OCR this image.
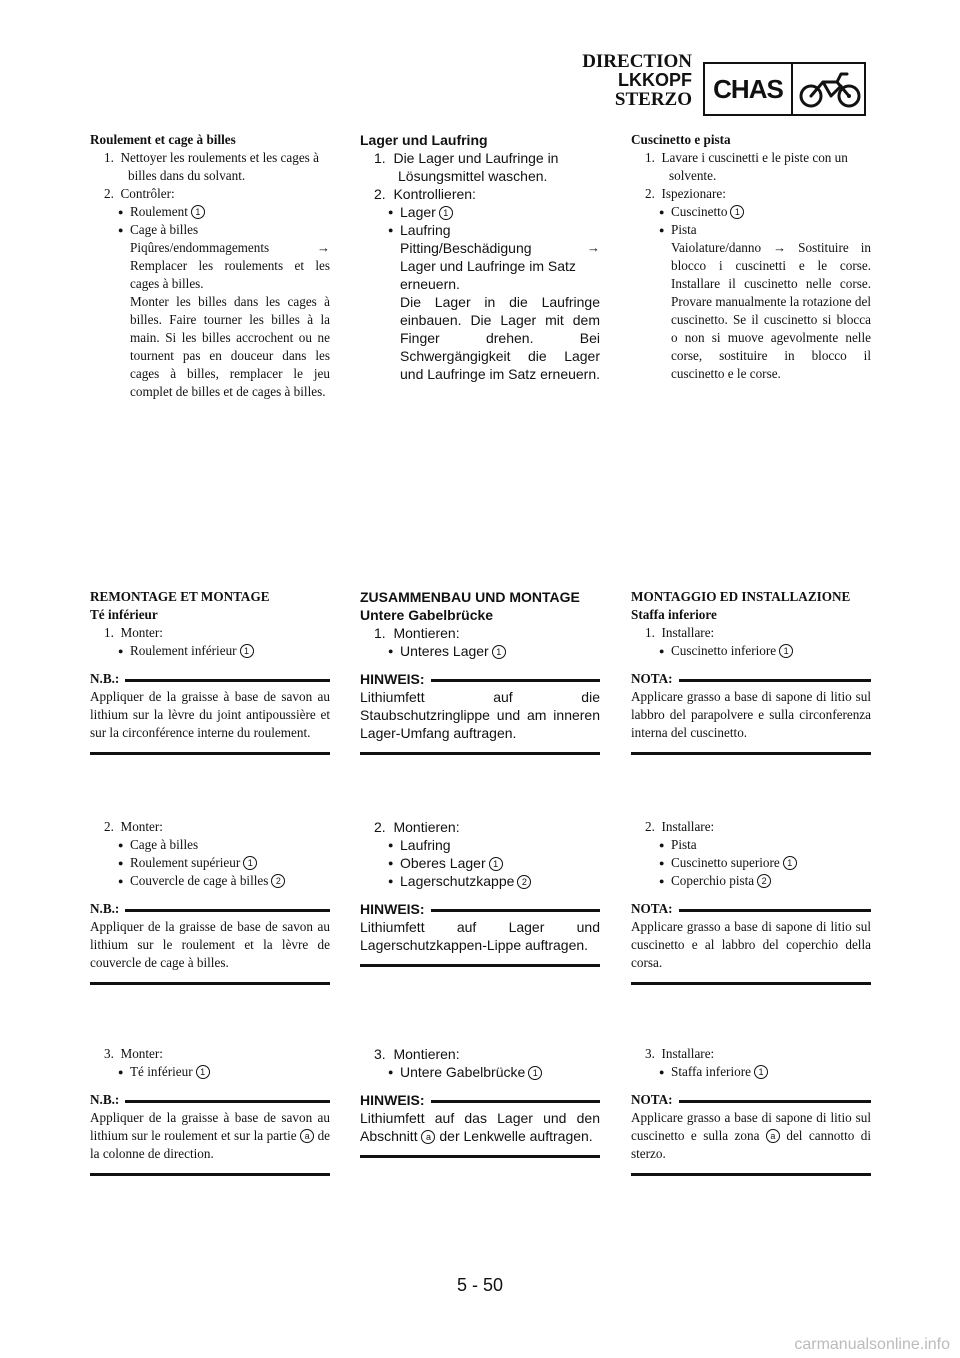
DIRECTION
LKKOPF
STERZO CHAS
Roulement et cage à billes
1.  Nettoyer les roulements et les cages à billes dans du solvant.
2.  Contrôler:
● Roulement 1
● Cage à billes
Piqûres/endommagements	→
Remplacer les roulements et les cages à billes.
Monter les billes dans les cages à billes. Faire tourner les billes à la main. Si les billes accrochent ou ne tournent pas en douceur dans les cages à billes, remplacer le jeu complet de billes et de cages à billes.
Lager und Laufring
1.  Die Lager und Laufringe in Lösungsmittel waschen.
2.  Kontrollieren:
● Lager 1
● Laufring
Pitting/Beschädigung	→
Lager und Laufringe im Satz erneuern.
Die Lager in die Laufringe einbauen. Die Lager mit dem Finger drehen. Bei Schwergängigkeit die Lager und Laufringe im Satz erneuern.
Cuscinetto e pista
1.  Lavare i cuscinetti e le piste con un solvente.
2.  Ispezionare:
● Cuscinetto 1
● Pista
Vaiolature/danno → Sostituire in blocco i cuscinetti e le corse. Installare il cuscinetto nelle corse. Provare manualmente la rotazione del cuscinetto. Se il cuscinetto si blocca o non si muove agevolmente nelle corse, sostituire in blocco il cuscinetto e le corse.
REMONTAGE ET MONTAGE
Té inférieur
1.  Monter:
● Roulement inférieur 1
N.B.:
Appliquer de la graisse à base de savon au lithium sur la lèvre du joint antipoussière et sur la circonférence interne du roulement.
ZUSAMMENBAU UND MONTAGE
Untere Gabelbrücke
1.  Montieren:
● Unteres Lager 1
HINWEIS:
Lithiumfett auf die Staubschutzringlippe und am inneren Lager-Umfang auftragen.
MONTAGGIO ED INSTALLAZIONE
Staffa inferiore
1.  Installare:
● Cuscinetto inferiore 1
NOTA:
Applicare grasso a base di sapone di litio sul labbro del parapolvere e sulla circonferenza interna del cuscinetto.
2.  Monter:
● Cage à billes
● Roulement supérieur 1
● Couvercle de cage à billes 2
N.B.:
Appliquer de la graisse de base de savon au lithium sur le roulement et la lèvre de couvercle de cage à billes.
2.  Montieren:
● Laufring
● Oberes Lager 1
● Lagerschutzkappe 2
HINWEIS:
Lithiumfett auf Lager und Lagerschutzkappen-Lippe auftragen.
2.  Installare:
● Pista
● Cuscinetto superiore 1
● Coperchio pista 2
NOTA:
Applicare grasso a base di sapone di litio sul cuscinetto e al labbro del coperchio della corsa.
3.  Monter:
● Té inférieur 1
N.B.:
Appliquer de la graisse à base de savon au lithium sur le roulement et sur la partie a de la colonne de direction.
3.  Montieren:
● Untere Gabelbrücke 1
HINWEIS:
Lithiumfett auf das Lager und den Abschnitt a der Lenkwelle auftragen.
3.  Installare:
● Staffa inferiore 1
NOTA:
Applicare grasso a base di sapone di litio sul cuscinetto e sulla zona a del cannotto di sterzo.
5 - 50
carmanualsonline.info
